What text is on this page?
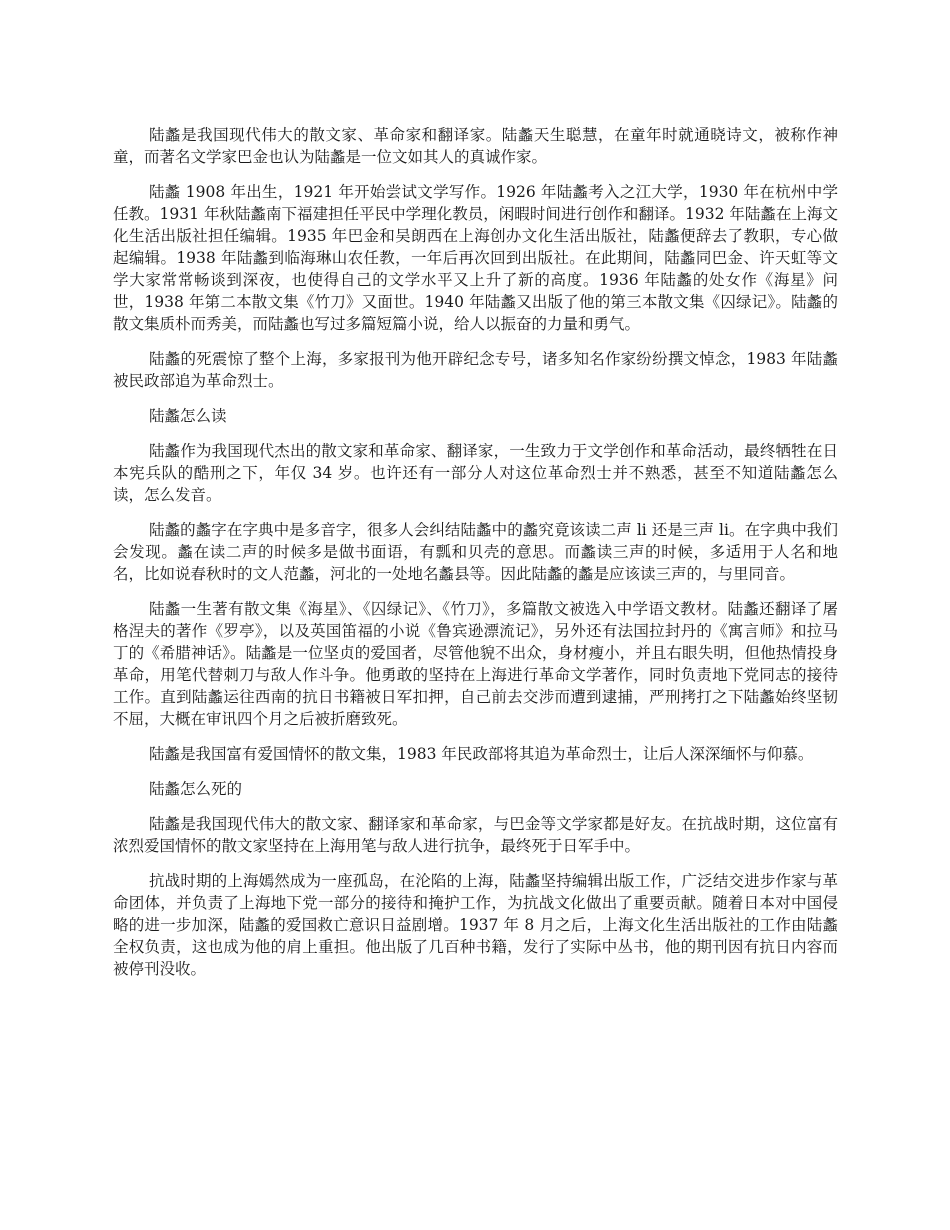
陆蠡是我国现代伟大的散文家、革命家和翻译家。陆蠡天生聪慧，在童年时就通晓诗文，被称作神童，而著名文学家巴金也认为陆蠡是一位文如其人的真诚作家。

陆蠡 1908 年出生，1921 年开始尝试文学写作。1926 年陆蠡考入之江大学，1930 年在杭州中学任教。1931 年秋陆蠡南下福建担任平民中学理化教员，闲暇时间进行创作和翻译。1932 年陆蠡在上海文化生活出版社担任编辑。1935 年巴金和吴朗西在上海创办文化生活出版社，陆蠡便辞去了教职，专心做起编辑。1938 年陆蠡到临海琳山农任教，一年后再次回到出版社。在此期间，陆蠡同巴金、许天虹等文学大家常常畅谈到深夜，也使得自己的文学水平又上升了新的高度。1936 年陆蠡的处女作《海星》问世，1938 年第二本散文集《竹刀》又面世。1940 年陆蠡又出版了他的第三本散文集《囚绿记》。陆蠡的散文集质朴而秀美，而陆蠡也写过多篇短篇小说，给人以振奋的力量和勇气。

陆蠡的死震惊了整个上海，多家报刊为他开辟纪念专号，诸多知名作家纷纷撰文悼念，1983 年陆蠡被民政部追为革命烈士。

陆蠡怎么读

陆蠡作为我国现代杰出的散文家和革命家、翻译家，一生致力于文学创作和革命活动，最终牺牲在日本宪兵队的酷刑之下，年仅 34 岁。也许还有一部分人对这位革命烈士并不熟悉，甚至不知道陆蠡怎么读，怎么发音。

陆蠡的蠡字在字典中是多音字，很多人会纠结陆蠡中的蠡究竟该读二声 li 还是三声 li。在字典中我们会发现。蠡在读二声的时候多是做书面语，有瓢和贝壳的意思。而蠡读三声的时候，多适用于人名和地名，比如说春秋时的文人范蠡，河北的一处地名蠡县等。因此陆蠡的蠡是应该读三声的，与里同音。

陆蠡一生著有散文集《海星》、《囚绿记》、《竹刀》，多篇散文被选入中学语文教材。陆蠡还翻译了屠格涅夫的著作《罗亭》，以及英国笛福的小说《鲁宾逊漂流记》，另外还有法国拉封丹的《寓言师》和拉马丁的《希腊神话》。陆蠡是一位坚贞的爱国者，尽管他貌不出众，身材瘦小，并且右眼失明，但他热情投身革命，用笔代替刺刀与敌人作斗争。他勇敢的坚持在上海进行革命文学著作，同时负责地下党同志的接待工作。直到陆蠡运往西南的抗日书籍被日军扣押，自己前去交涉而遭到逮捕，严刑拷打之下陆蠡始终坚韧不屈，大概在审讯四个月之后被折磨致死。

陆蠡是我国富有爱国情怀的散文集，1983 年民政部将其追为革命烈士，让后人深深缅怀与仰慕。

陆蠡怎么死的

陆蠡是我国现代伟大的散文家、翻译家和革命家，与巴金等文学家都是好友。在抗战时期，这位富有浓烈爱国情怀的散文家坚持在上海用笔与敌人进行抗争，最终死于日军手中。

抗战时期的上海嫣然成为一座孤岛，在沦陷的上海，陆蠡坚持编辑出版工作，广泛结交进步作家与革命团体，并负责了上海地下党一部分的接待和掩护工作，为抗战文化做出了重要贡献。随着日本对中国侵略的进一步加深，陆蠡的爱国救亡意识日益剧增。1937 年 8 月之后，上海文化生活出版社的工作由陆蠡全权负责，这也成为他的肩上重担。他出版了几百种书籍，发行了实际中丛书，他的期刊因有抗日内容而被停刊没收。
